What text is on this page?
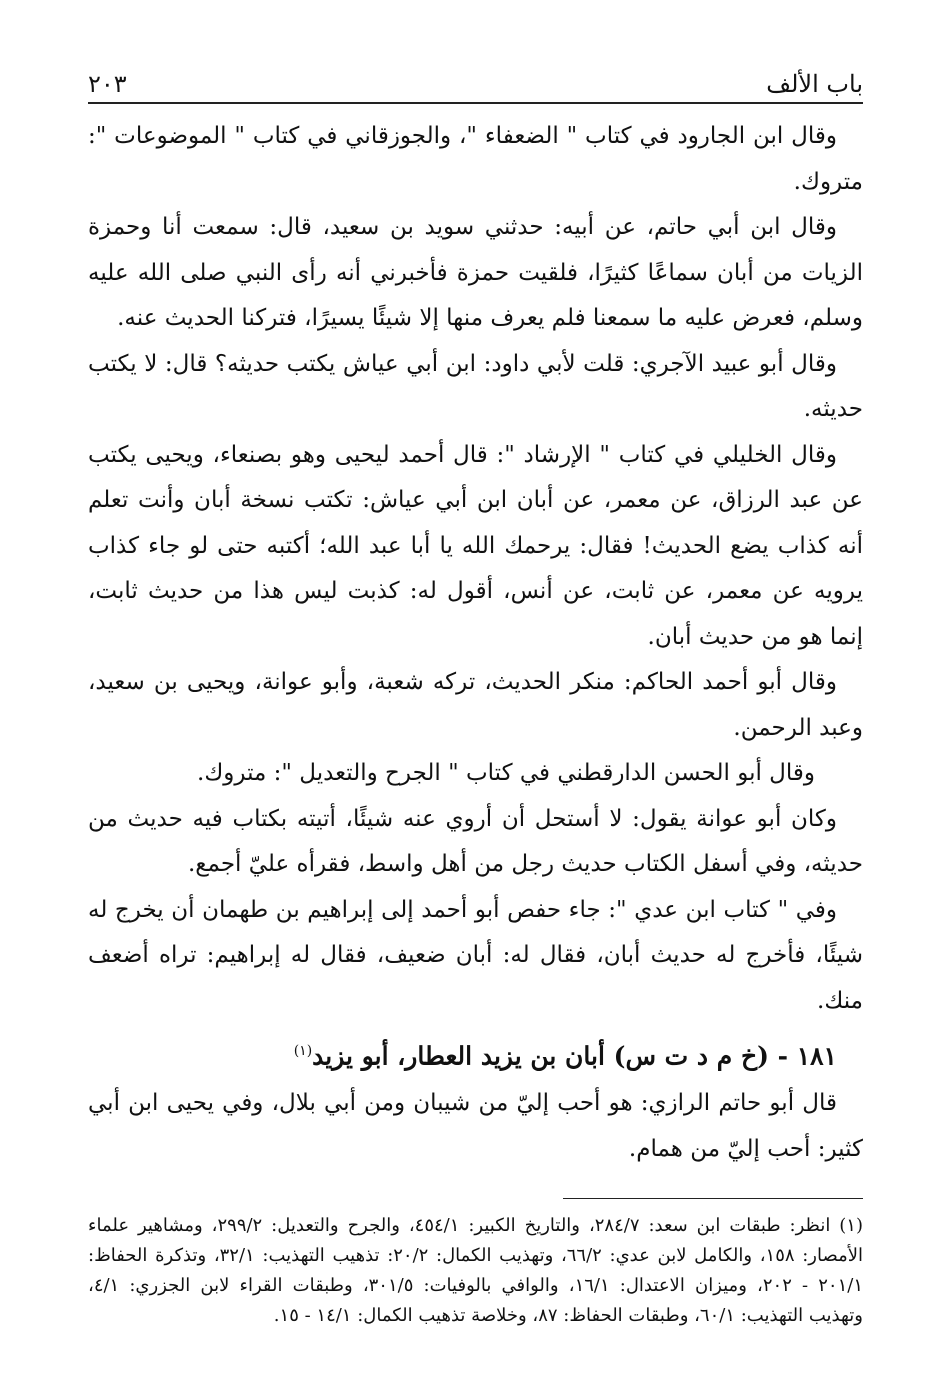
باب الألف
٢٠٣

وقال ابن الجارود في كتاب " الضعفاء "، والجوزقاني في كتاب " الموضوعات ": متروك.

وقال ابن أبي حاتم، عن أبيه: حدثني سويد بن سعيد، قال: سمعت أنا وحمزة الزيات من أبان سماعًا كثيرًا، فلقيت حمزة فأخبرني أنه رأى النبي صلى الله عليه وسلم، فعرض عليه ما سمعنا فلم يعرف منها إلا شيئًا يسيرًا، فتركنا الحديث عنه.

وقال أبو عبيد الآجري: قلت لأبي داود: ابن أبي عياش يكتب حديثه؟ قال: لا يكتب حديثه.

وقال الخليلي في كتاب " الإرشاد ": قال أحمد ليحيى وهو بصنعاء، ويحيى يكتب عن عبد الرزاق، عن معمر، عن أبان ابن أبي عياش: تكتب نسخة أبان وأنت تعلم أنه كذاب يضع الحديث! فقال: يرحمك الله يا أبا عبد الله؛ أكتبه حتى لو جاء كذاب يرويه عن معمر، عن ثابت، عن أنس، أقول له: كذبت ليس هذا من حديث ثابت، إنما هو من حديث أبان.

وقال أبو أحمد الحاكم: منكر الحديث، تركه شعبة، وأبو عوانة، ويحيى بن سعيد، وعبد الرحمن.

وقال أبو الحسن الدارقطني في كتاب " الجرح والتعديل ": متروك.

وكان أبو عوانة يقول: لا أستحل أن أروي عنه شيئًا، أتيته بكتاب فيه حديث من حديثه، وفي أسفل الكتاب حديث رجل من أهل واسط، فقرأه عليّ أجمع.

وفي " كتاب ابن عدي ": جاء حفص أبو أحمد إلى إبراهيم بن طهمان أن يخرج له شيئًا، فأخرج له حديث أبان، فقال له: أبان ضعيف، فقال له إبراهيم: تراه أضعف منك.

١٨١ - (خ م د ت س) أبان بن يزيد العطار، أبو يزيد$^{(١)}$

قال أبو حاتم الرازي: هو أحب إليّ من شيبان ومن أبي بلال، وفي يحيى ابن أبي كثير: أحب إليّ من همام.

(١) انظر: طبقات ابن سعد: ٢٨٤/٧، والتاريخ الكبير: ٤٥٤/١، والجرح والتعديل: ٢٩٩/٢، ومشاهير علماء الأمصار: ١٥٨، والكامل لابن عدي: ٦٦/٢، وتهذيب الكمال: ٢٠/٢: تذهيب التهذيب: ٣٢/١، وتذكرة الحفاظ: ٢٠١/١ - ٢٠٢، وميزان الاعتدال: ١٦/١، والوافي بالوفيات: ٣٠١/٥، وطبقات القراء لابن الجزري: ٤/١، وتهذيب التهذيب: ٦٠/١، وطبقات الحفاظ: ٨٧، وخلاصة تذهيب الكمال: ١٤/١ - ١٥.
